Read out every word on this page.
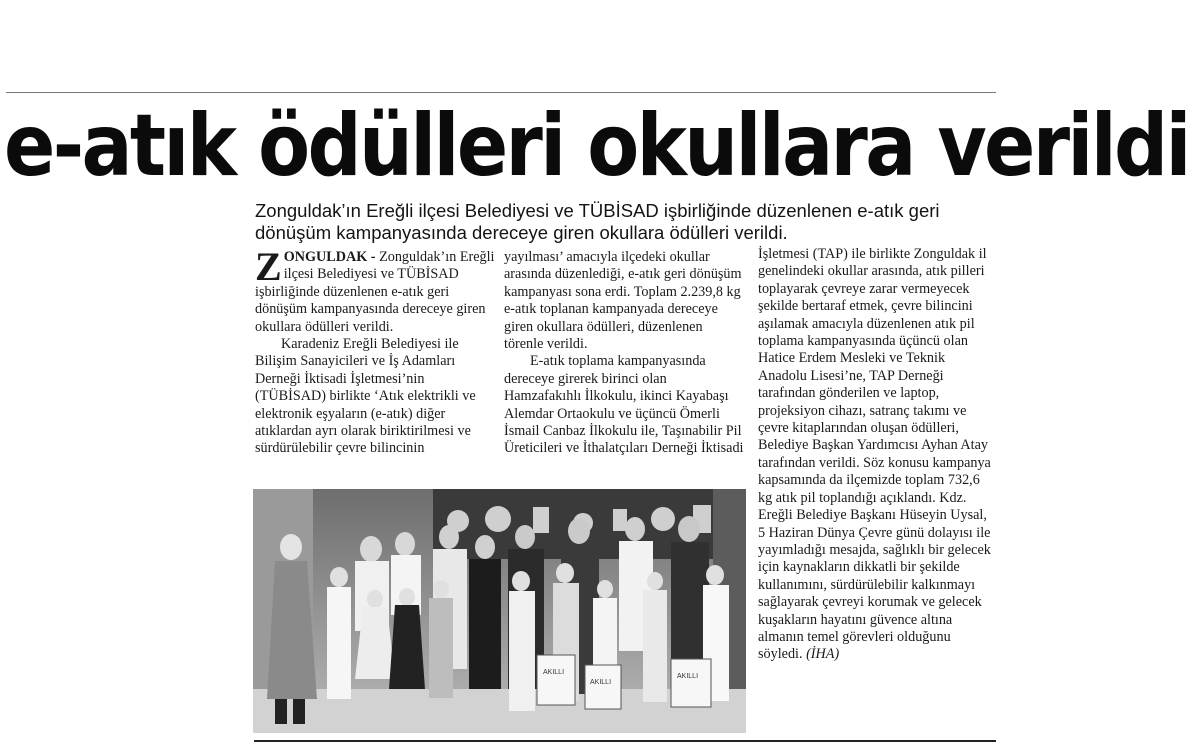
e-atık ödülleri okullara verildi
Zonguldak’ın Ereğli ilçesi Belediyesi ve TÜBİSAD işbirliğinde düzenlenen e-atık geri dönüşüm kampanyasında dereceye giren okullara ödülleri verildi.

ZONGULDAK - Zonguldak’ın Ereğli ilçesi Belediyesi ve TÜBİSAD işbirliğinde düzenlenen e-atık geri dönüşüm kampanyasında dereceye giren okullara ödülleri verildi.

Karadeniz Ereğli Belediyesi ile Bilişim Sanayicileri ve İş Adamları Derneği İktisadi İşletmesi’nin (TÜBİSAD) birlikte ‘Atık elektrikli ve elektronik eşyaların (e-atık) diğer atıklardan ayrı olarak biriktirilmesi ve sürdürülebilir çevre bilincinin

yayılması’ amacıyla ilçedeki okullar arasında düzenlediği, e-atık geri dönüşüm kampanyası sona erdi. Toplam 2.239,8 kg e-atık toplanan kampanyada dereceye giren okullara ödülleri, düzenlenen törenle verildi.

E-atık toplama kampanyasında dereceye girerek birinci olan Hamzafakıhlı İlkokulu, ikinci Kayabaşı Alemdar Ortaokulu ve üçüncü Ömerli İsmail Canbaz İlkokulu ile, Taşınabilir Pil Üreticileri ve İthalatçıları Derneği İktisadi

İşletmesi (TAP) ile birlikte Zonguldak il genelindeki okullar arasında, atık pilleri toplayarak çevreye zarar vermeyecek şekilde bertaraf etmek, çevre bilincini aşılamak amacıyla düzenlenen atık pil toplama kampanyasında üçüncü olan Hatice Erdem Mesleki ve Teknik Anadolu Lisesi’ne, TAP Derneği tarafından gönderilen ve laptop, projeksiyon cihazı, satranç takımı ve çevre kitaplarından oluşan ödülleri, Belediye Başkan Yardımcısı Ayhan Atay tarafından verildi. Söz konusu kampanya kapsamında da ilçemizde toplam 732,6 kg atık pil toplandığı açıklandı. Kdz. Ereğli Belediye Başkanı Hüseyin Uysal, 5 Haziran Dünya Çevre günü dolayısı ile yayımladığı mesajda, sağlıklı bir gelecek için kaynakların dikkatli bir şekilde kullanımını, sürdürülebilir kalkınmayı sağlayarak çevreyi korumak ve gelecek kuşakların hayatını güvence altına almanın temel görevleri olduğunu söyledi. (İHA)

AKILLI
AKILLI
AKILLI
